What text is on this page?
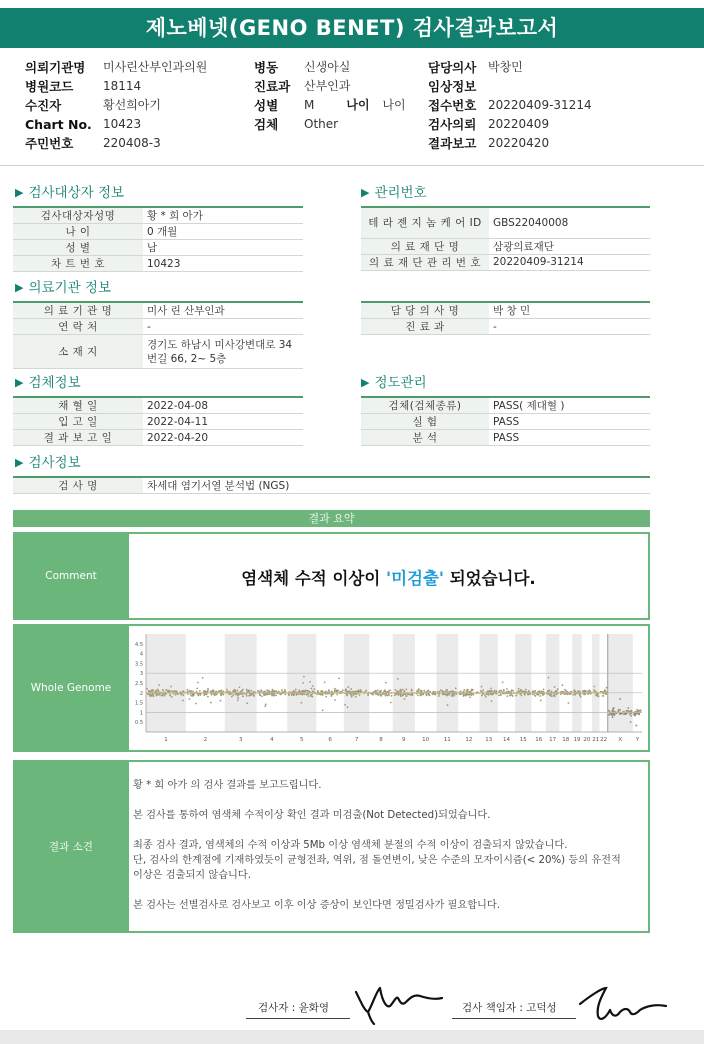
제노베넷(GENO BENET) 검사결과보고서
의뢰기관명	미사린산부인과의원
병원코드	18114
수진자	황선희아기
Chart No. 10423
주민번호	220408-3
병동	신생아실
진료과	산부인과
성별	M	나이	나이
검체	Other
담당의사 박창민
임상정보
접수번호 20220409-31214
검사의뢰 20220409
결과보고 20220420
▶ 검사대상자 정보
검사대상자성명	황 * 희 아가
나 이	0 개월
성 별	남
차 트 번 호	10423
▶ 관리번호
테 라 젠 지 놈 케 어 ID	GBS22040008
의 료 재 단 명	삼광의료재단
의 료 재 단 관 리 번 호	20220409-31214
▶ 의료기관 정보
의 료 기 관 명	미사 린 산부인과
연 락 처	-
소 재 지	경기도 하남시 미사강변대로 34
번길 66, 2~ 5층
담 당 의 사 명	박 창 민
진 료 과	-
▶ 검체정보
채 혈 일	2022-04-08
입 고 일	2022-04-11
결 과 보 고 일	2022-04-20
▶ 정도관리
검체(검체종류)	PASS( 제대혈 )
실 험	PASS
분 석	PASS
▶ 검사정보
검 사 명	차세대 염기서열 분석법 (NGS)
결과 요약
Comment	염색체 수적 이상이 '미검출' 되었습니다.
Whole Genome
0.5
1
1.5
2
2.5
3
3.5
4
4.5
1	2	3	4	5	6	7	8	9	10	11	12 13 14 15 16 17 18 19 20 21 22 X Y
결과 소견

황 * 희 아가 의 검사 결과를 보고드립니다.

본 검사를 통하여 염색체 수적이상 확인 결과 미검출(Not Detected)되었습니다.

최종 검사 결과, 염색체의 수적 이상과 5Mb 이상 염색체 분절의 수적 이상이 검출되지 않았습니다.

단, 검사의 한계점에 기재하였듯이 균형전좌, 역위, 점 돌연변이, 낮은 수준의 모자이시즘(< 20%) 등의 유전적

이상은 검출되지 않습니다.

본 검사는 선별검사로 검사보고 이후 이상 증상이 보인다면 정밀검사가 필요합니다.

검사자 : 윤화영	검사 책임자 : 고덕성
